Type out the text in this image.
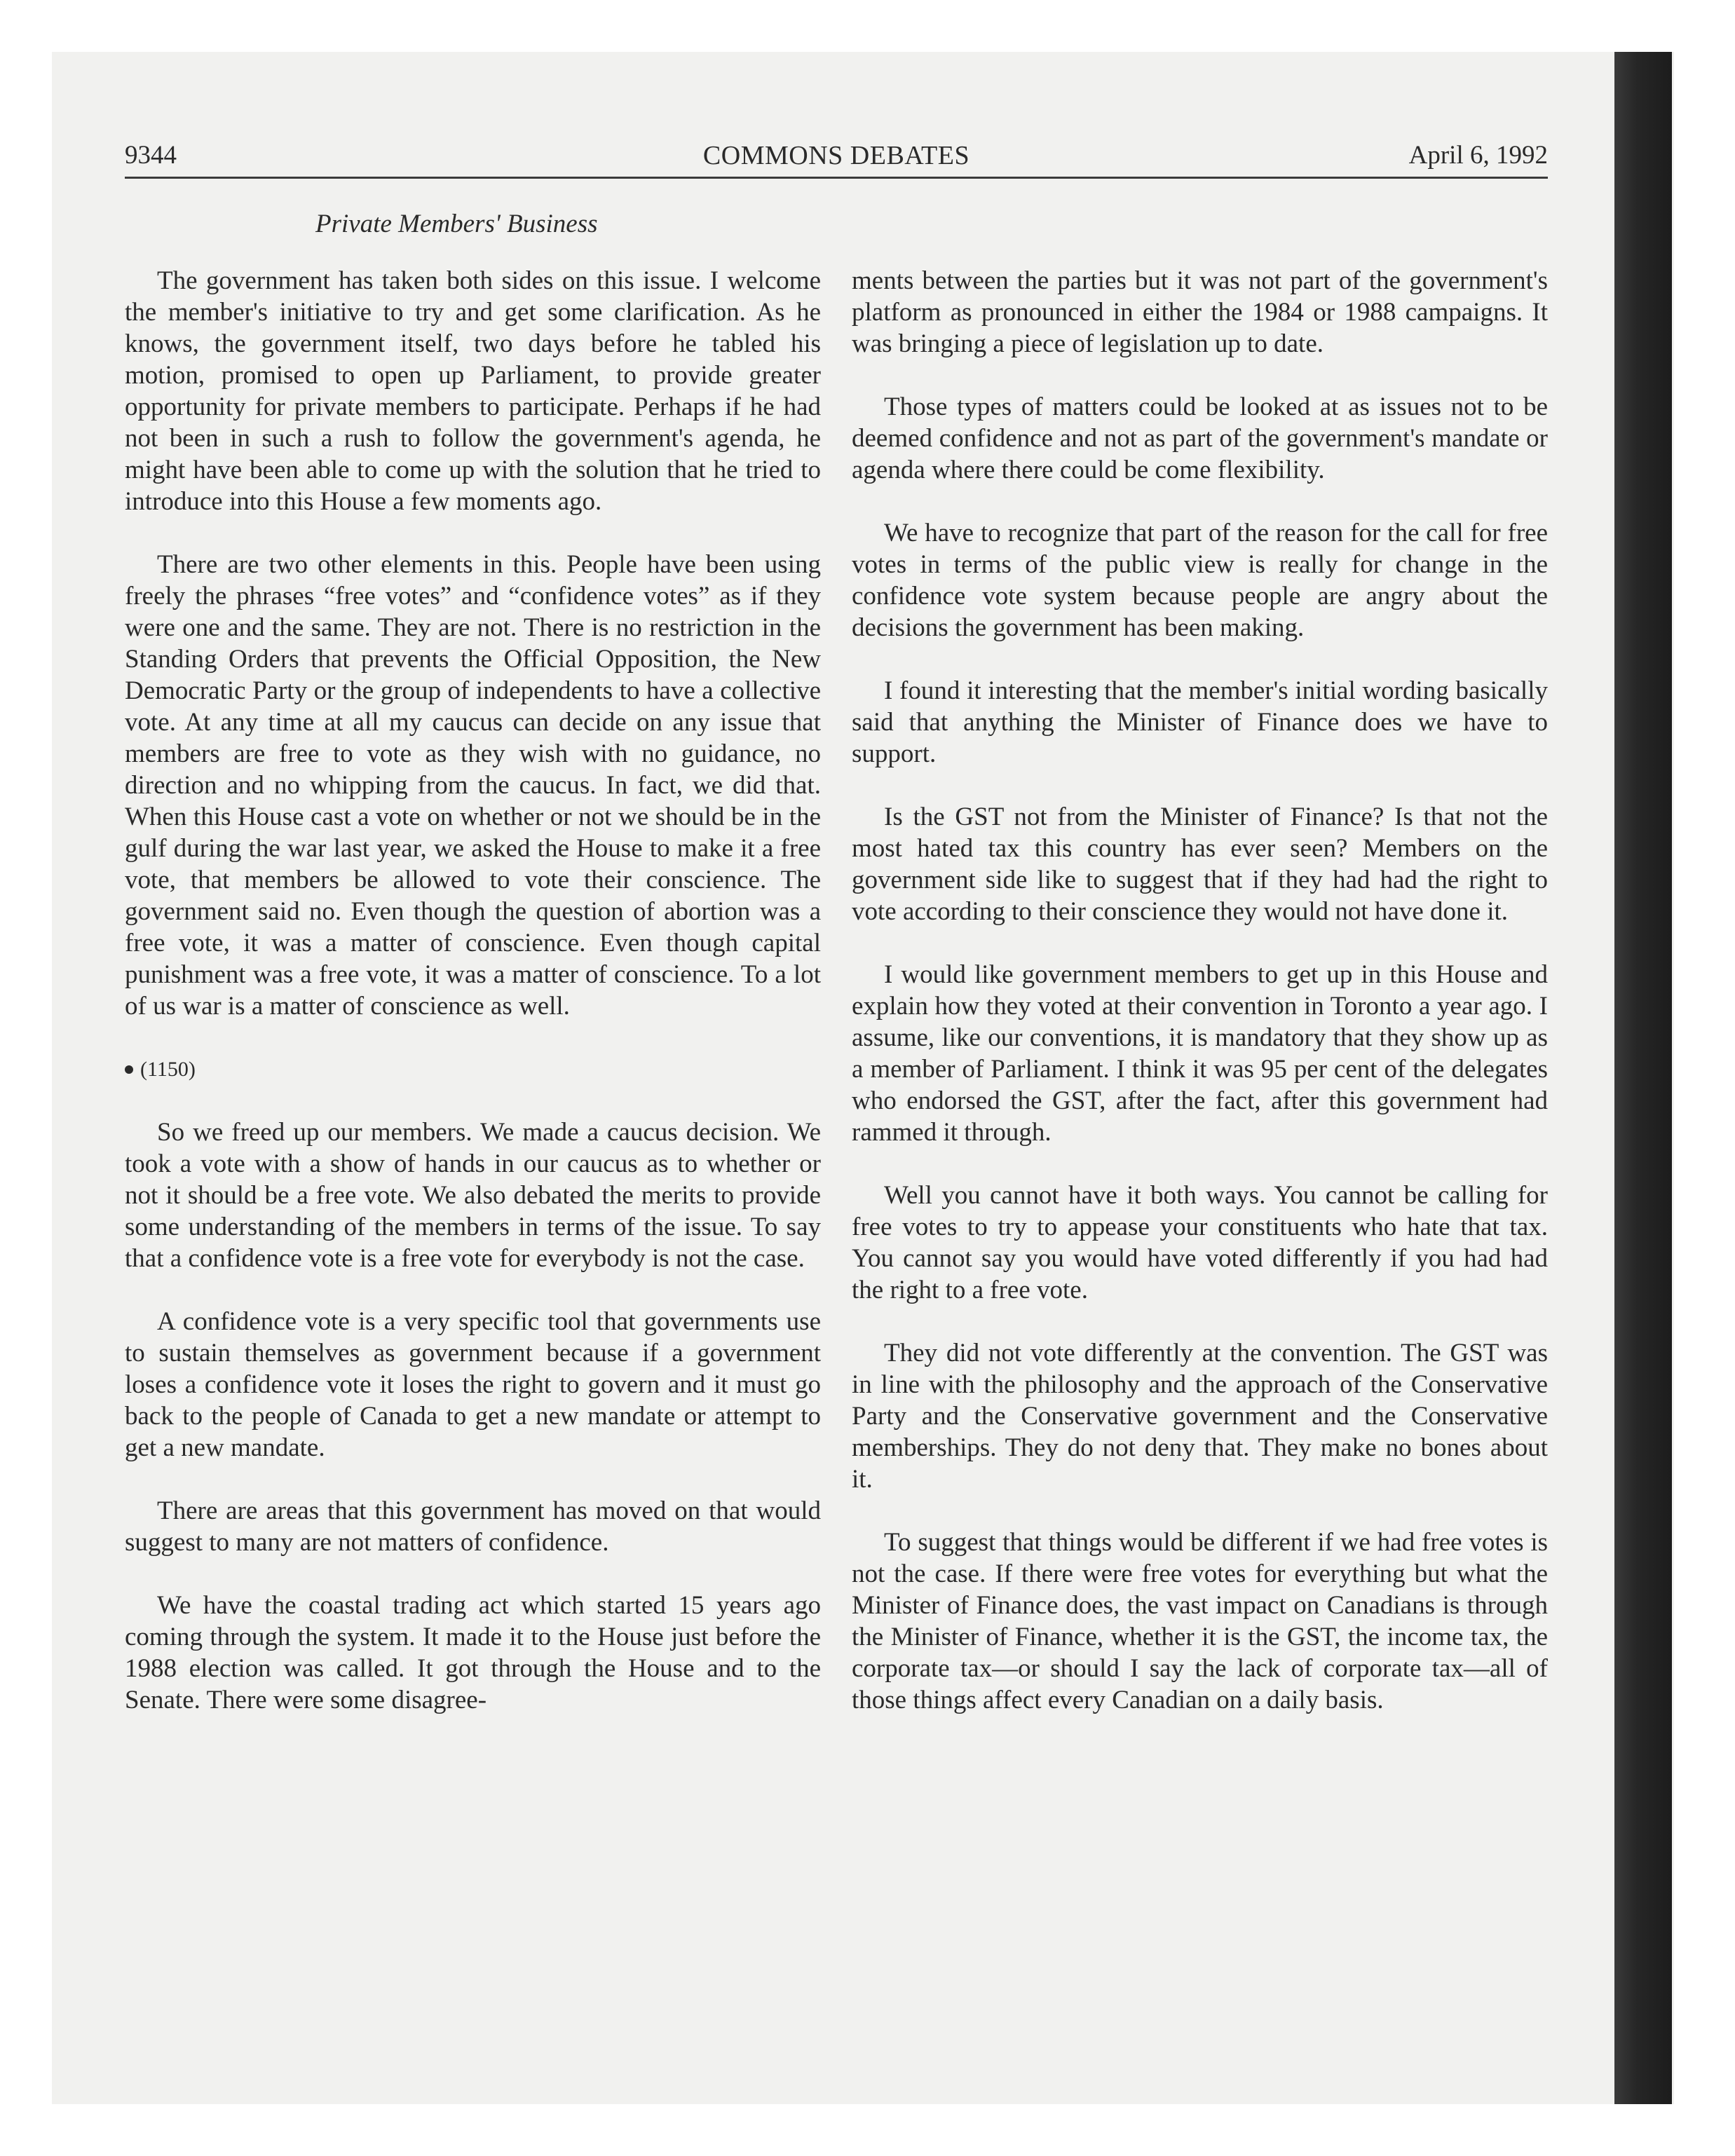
9344	COMMONS DEBATES	April 6, 1992
Private Members' Business

The government has taken both sides on this issue. I welcome the member's initiative to try and get some clarification. As he knows, the government itself, two days before he tabled his motion, promised to open up Parliament, to provide greater opportunity for private members to participate. Perhaps if he had not been in such a rush to follow the government's agenda, he might have been able to come up with the solution that he tried to introduce into this House a few moments ago.

There are two other elements in this. People have been using freely the phrases “free votes” and “confidence votes” as if they were one and the same. They are not. There is no restriction in the Standing Orders that prevents the Official Opposition, the New Democratic Party or the group of independents to have a collective vote. At any time at all my caucus can decide on any issue that members are free to vote as they wish with no guidance, no direction and no whipping from the caucus. In fact, we did that. When this House cast a vote on whether or not we should be in the gulf during the war last year, we asked the House to make it a free vote, that members be allowed to vote their conscience. The government said no. Even though the question of abortion was a free vote, it was a matter of conscience. Even though capital punishment was a free vote, it was a matter of conscience. To a lot of us war is a matter of conscience as well.

(1150)

So we freed up our members. We made a caucus decision. We took a vote with a show of hands in our caucus as to whether or not it should be a free vote. We also debated the merits to provide some understanding of the members in terms of the issue. To say that a confidence vote is a free vote for everybody is not the case.

A confidence vote is a very specific tool that governments use to sustain themselves as government because if a government loses a confidence vote it loses the right to govern and it must go back to the people of Canada to get a new mandate or attempt to get a new mandate.

There are areas that this government has moved on that would suggest to many are not matters of confidence.

We have the coastal trading act which started 15 years ago coming through the system. It made it to the House just before the 1988 election was called. It got through the House and to the Senate. There were some disagree-

ments between the parties but it was not part of the government's platform as pronounced in either the 1984 or 1988 campaigns. It was bringing a piece of legislation up to date.

Those types of matters could be looked at as issues not to be deemed confidence and not as part of the government's mandate or agenda where there could be come flexibility.

We have to recognize that part of the reason for the call for free votes in terms of the public view is really for change in the confidence vote system because people are angry about the decisions the government has been making.

I found it interesting that the member's initial wording basically said that anything the Minister of Finance does we have to support.

Is the GST not from the Minister of Finance? Is that not the most hated tax this country has ever seen? Members on the government side like to suggest that if they had had the right to vote according to their conscience they would not have done it.

I would like government members to get up in this House and explain how they voted at their convention in Toronto a year ago. I assume, like our conventions, it is mandatory that they show up as a member of Parliament. I think it was 95 per cent of the delegates who endorsed the GST, after the fact, after this government had rammed it through.

Well you cannot have it both ways. You cannot be calling for free votes to try to appease your constituents who hate that tax. You cannot say you would have voted differently if you had had the right to a free vote.

They did not vote differently at the convention. The GST was in line with the philosophy and the approach of the Conservative Party and the Conservative government and the Conservative memberships. They do not deny that. They make no bones about it.

To suggest that things would be different if we had free votes is not the case. If there were free votes for everything but what the Minister of Finance does, the vast impact on Canadians is through the Minister of Finance, whether it is the GST, the income tax, the corporate tax—or should I say the lack of corporate tax—all of those things affect every Canadian on a daily basis.
